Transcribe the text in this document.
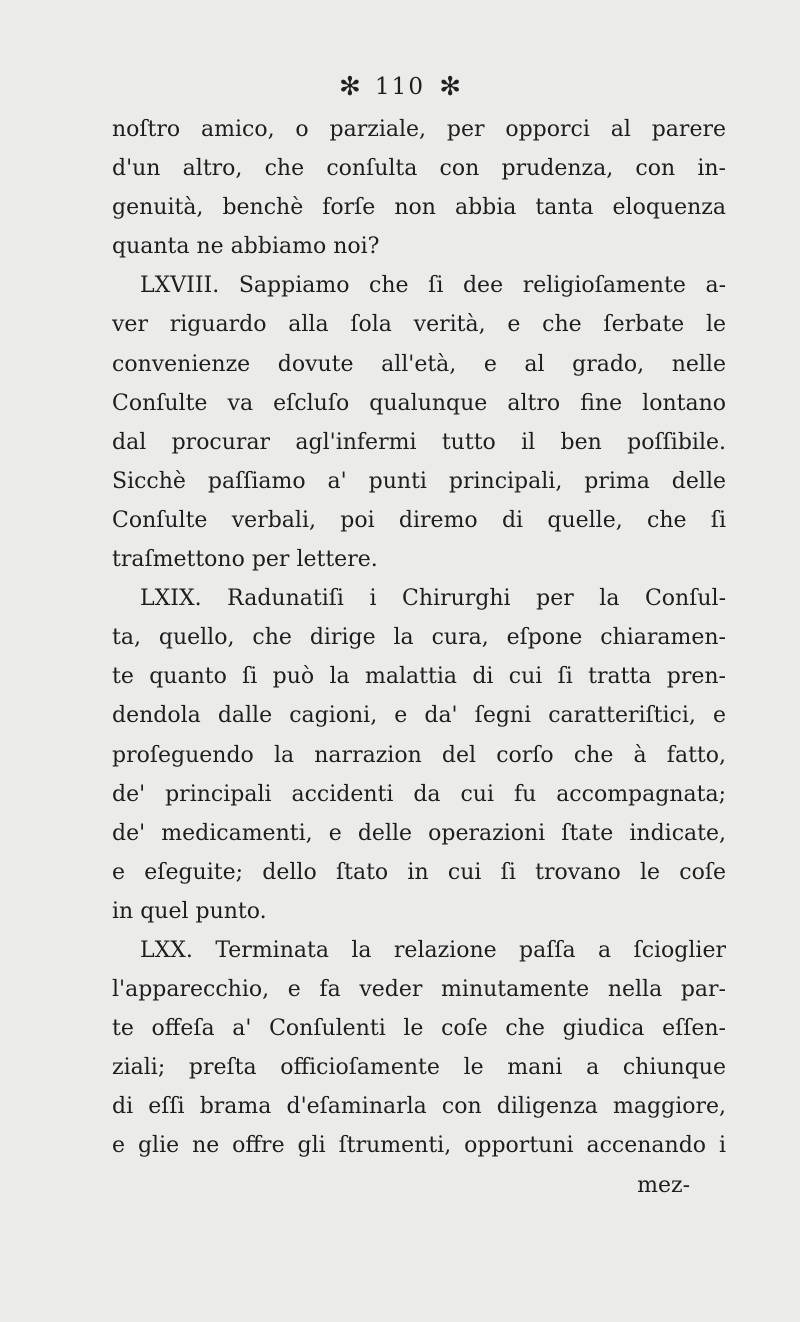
✻ 110 ✻
noſtro amico, o parziale, per opporci al parere
d'un altro, che conſulta con prudenza, con in-
genuità, benchè forſe non abbia tanta eloquenza
quanta ne abbiamo noi?
LXVIII. Sappiamo che ſi dee religioſamente a-
ver riguardo alla ſola verità, e che ſerbate le
convenienze dovute all'età, e al grado, nelle
Conſulte va eſcluſo qualunque altro fine lontano
dal procurar agl'infermi tutto il ben poſſibile.
Sicchè paſſiamo a' punti principali, prima delle
Conſulte verbali, poi diremo di quelle, che ſi
traſmettono per lettere.
LXIX. Radunatiſi i Chirurghi per la Conſul-
ta, quello, che dirige la cura, eſpone chiaramen-
te quanto ſi può la malattia di cui ſi tratta pren-
dendola dalle cagioni, e da' ſegni caratteriſtici, e
proſeguendo la narrazion del corſo che à fatto,
de' principali accidenti da cui fu accompagnata;
de' medicamenti, e delle operazioni ſtate indicate,
e eſeguite; dello ſtato in cui ſi trovano le coſe
in quel punto.
LXX. Terminata la relazione paſſa a ſcioglier
l'apparecchio, e fa veder minutamente nella par-
te offeſa a' Conſulenti le coſe che giudica eſſen-
ziali; preſta officioſamente le mani a chiunque
di eſſi brama d'eſaminarla con diligenza maggiore,
e glie ne offre gli ſtrumenti, opportuni accenando i
mez-
